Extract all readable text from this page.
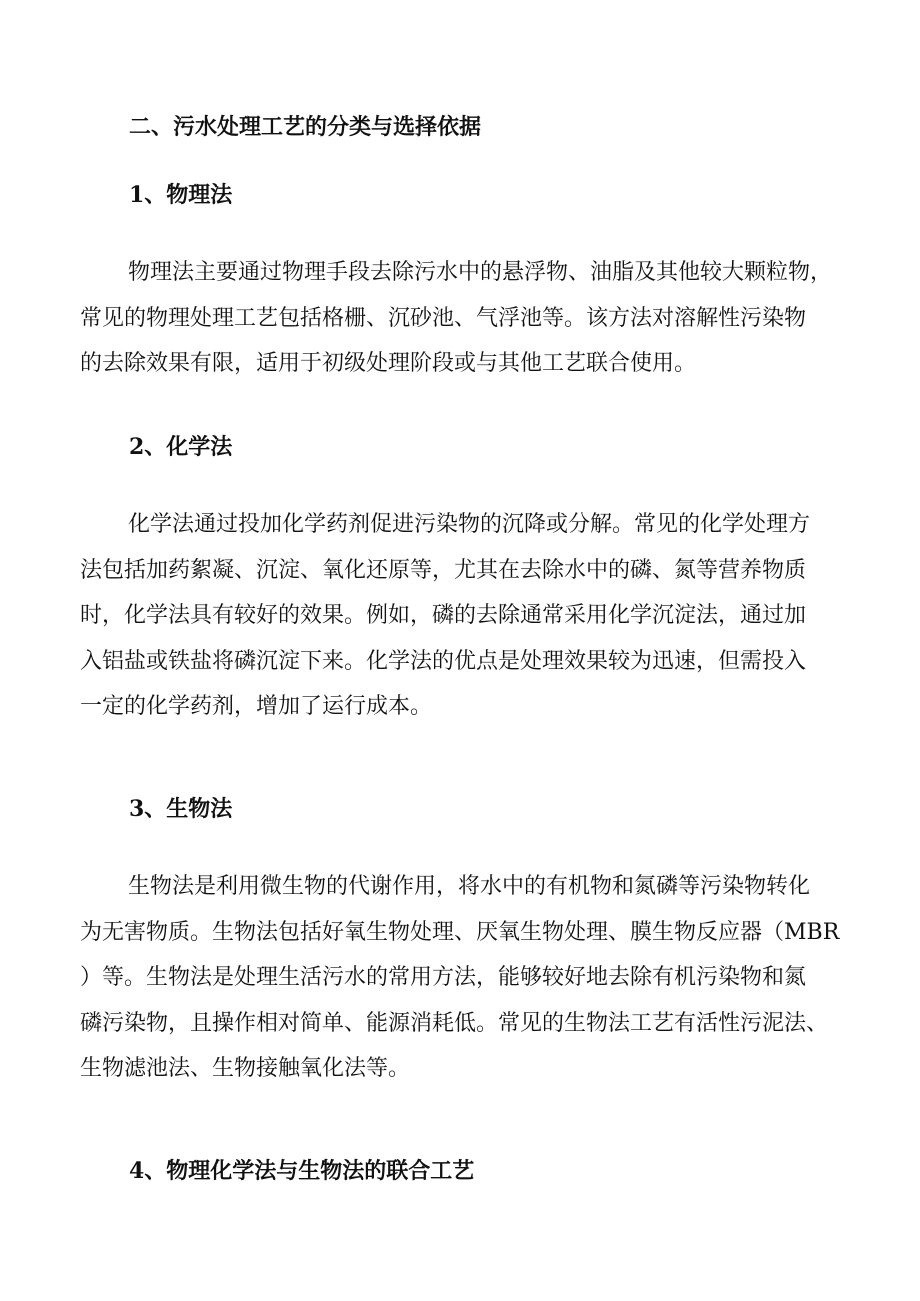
二、污水处理工艺的分类与选择依据
1、物理法

物理法主要通过物理手段去除污水中的悬浮物、油脂及其他较大颗粒物，
常见的物理处理工艺包括格栅、沉砂池、气浮池等。该方法对溶解性污染物
的去除效果有限，适用于初级处理阶段或与其他工艺联合使用。

2、化学法

化学法通过投加化学药剂促进污染物的沉降或分解。常见的化学处理方
法包括加药絮凝、沉淀、氧化还原等，尤其在去除水中的磷、氮等营养物质
时，化学法具有较好的效果。例如，磷的去除通常采用化学沉淀法，通过加
入铝盐或铁盐将磷沉淀下来。化学法的优点是处理效果较为迅速，但需投入
一定的化学药剂，增加了运行成本。

3、生物法

生物法是利用微生物的代谢作用，将水中的有机物和氮磷等污染物转化
为无害物质。生物法包括好氧生物处理、厌氧生物处理、膜生物反应器（MBR
）等。生物法是处理生活污水的常用方法，能够较好地去除有机污染物和氮
磷污染物，且操作相对简单、能源消耗低。常见的生物法工艺有活性污泥法、
生物滤池法、生物接触氧化法等。

4、物理化学法与生物法的联合工艺
